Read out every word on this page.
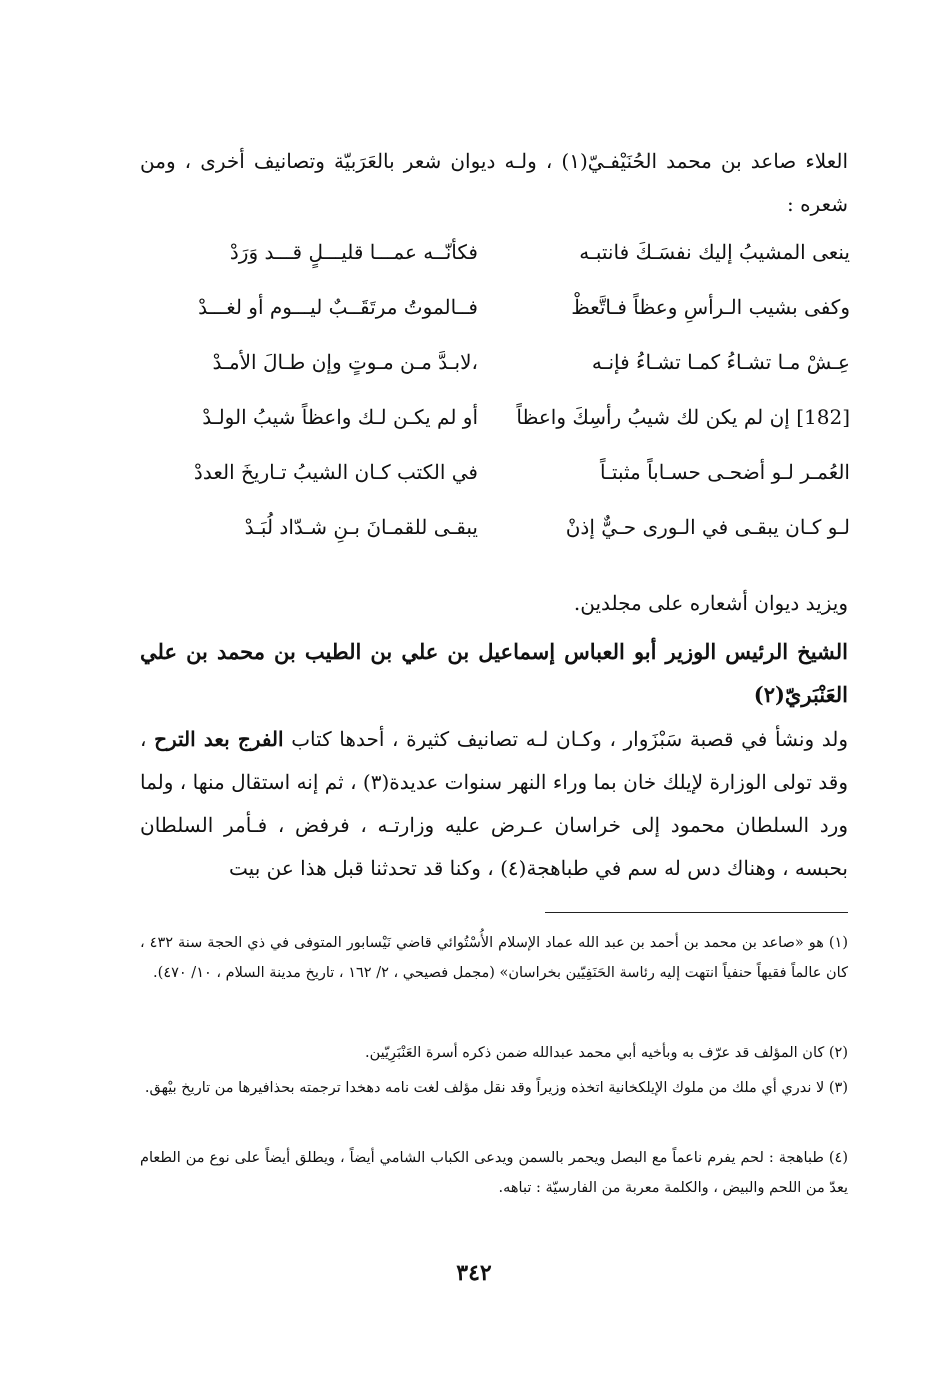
العلاء صاعد بن محمد الحُنَيْفـيّ(١) ، ولـه ديوان شعر بالعَرَبيّة وتصانيف أخرى ، ومن شعره :

ينعى المشيبُ إليك نفسَـكَ فانتبـه
فكأنّــه عمـــا قليـــلٍ قـــد وَرَدْ
وكفى بشيب الـرأسِ وعظاً فـاتَّعظْ
فــالموتُ مرتَقَــبٌ ليـــوم أو لغـــدْ
عِـشْ مـا تشـاءُ كمـا تشـاءُ فإنـه
،لابـدَّ مـن مـوتٍ وإن طـالَ الأمـدْ
[182] إن لم يكن لك شيبُ رأسِكَ واعظاً
أو لم يكـن لـك واعظاً شيبُ الولـدْ
العُمـر لـو أضحـى حسـاباً مثبتـاً
في الكتب كـان الشيبُ تـاريخَ العددْ
لـو كـان يبقـى في الـورى حـيٌّ إذنْ
يبقـى للقمـانَ بـنِ شـدّاد لُبَـدْ

ويزيد ديوان أشعاره على مجلدين.

الشيخ الرئيس الوزير أبو العباس إسماعيل بن علي بن الطيب بن محمد بن علي العَنْبَريّ(٢)

ولد ونشأ في قصبة سَبْزَوار ، وكـان لـه تصانيف كثيرة ، أحدها كتاب الفرج بعد الترح ، وقد تولى الوزارة لإيلك خان بما وراء النهر سنوات عديدة(٣) ، ثم إنه استقال منها ، ولما ورد السلطان محمود إلى خراسان عـرض عليه وزارتـه ، فرفض ، فـأمر السلطان بحبسه ، وهناك دس له سم في طباهجة(٤) ، وكنا قد تحدثنا قبل هذا عن بيت

(١) هو «صاعد بن محمد بن أحمد بن عبد الله عماد الإسلام الأُسْتُوائي قاضي نَيْسابور المتوفى في ذي الحجة سنة ٤٣٢ ، كان عالماً فقيهاً حنفياً انتهت إليه رئاسة الحَنَفِيّين بخراسان» (مجمل فصيحي ، ٢/ ١٦٢ ، تاريخ مدينة السلام ، ١٠/ ٤٧٠).

(٢) كان المؤلف قد عرّف به وبأخيه أبي محمد عبدالله ضمن ذكره أسرة العَنْبَرِيّين.

(٣) لا ندري أي ملك من ملوك الإيلكخانية اتخذه وزيراً وقد نقل مؤلف لغت نامه دهخدا ترجمته بحذافيرها من تاريخ بيْهق.

(٤) طباهجة : لحم يفرم ناعماً مع البصل ويحمر بالسمن ويدعى الكباب الشامي أيضاً ، ويطلق أيضاً على نوع من الطعام يعدّ من اللحم والبيض ، والكلمة معربة من الفارسيّة : تباهه.

٣٤٢
